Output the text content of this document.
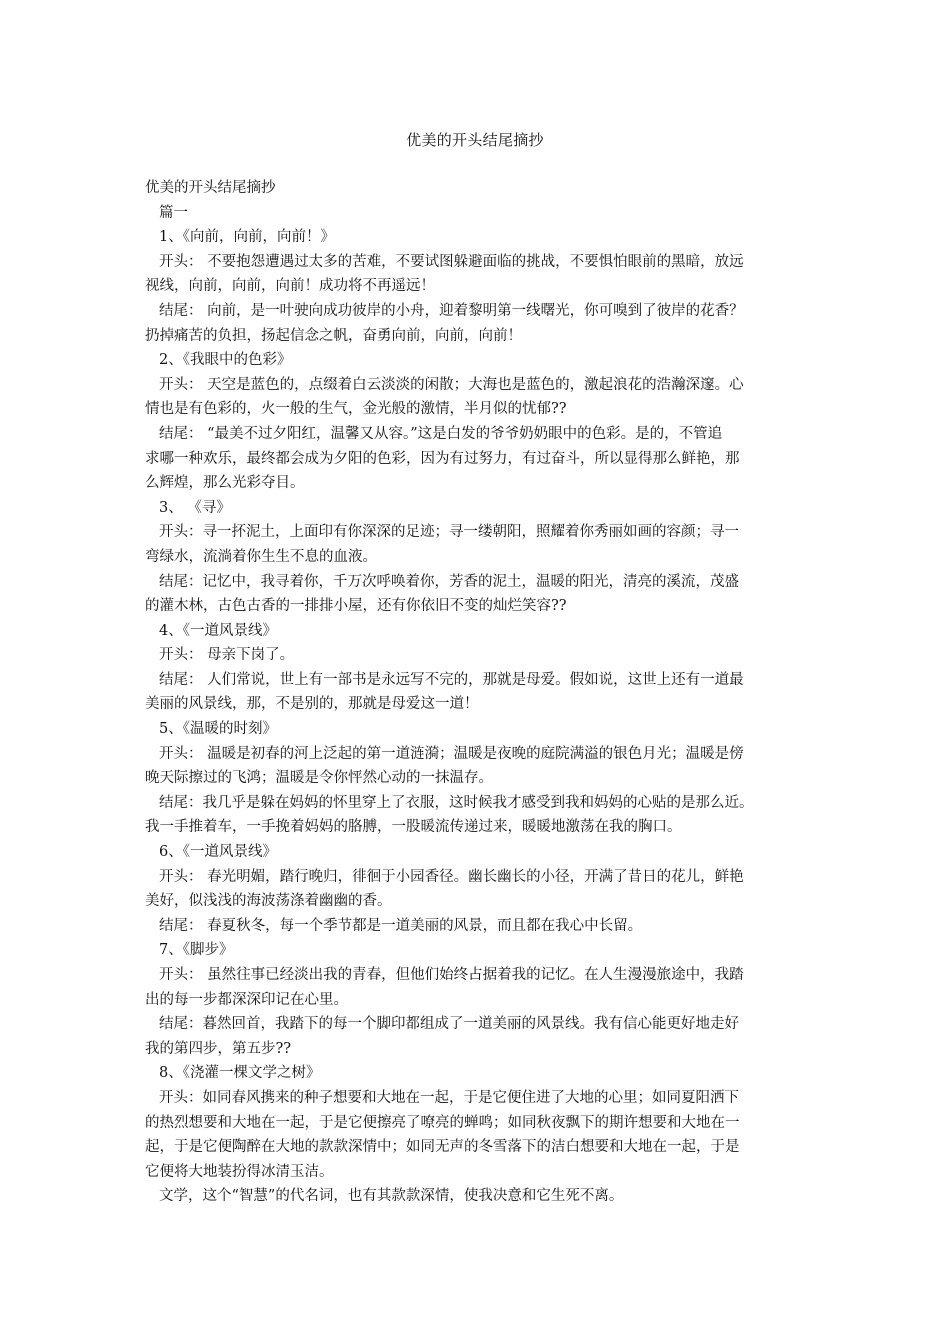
优美的开头结尾摘抄
优美的开头结尾摘抄
篇一
1、《向前，向前，向前！》
开头： 不要抱怨遭遇过太多的苦难，不要试图躲避面临的挑战，不要惧怕眼前的黑暗，放远
视线，向前，向前，向前！成功将不再遥远！
结尾： 向前，是一叶驶向成功彼岸的小舟，迎着黎明第一线曙光，你可嗅到了彼岸的花香？
扔掉痛苦的负担，扬起信念之帆，奋勇向前，向前，向前！
2、《我眼中的色彩》
开头： 天空是蓝色的，点缀着白云淡淡的闲散；大海也是蓝色的，激起浪花的浩瀚深邃。心
情也是有色彩的，火一般的生气，金光般的激情，半月似的忧郁??
结尾： “最美不过夕阳红，温馨又从容。”这是白发的爷爷奶奶眼中的色彩。是的，不管追
求哪一种欢乐，最终都会成为夕阳的色彩，因为有过努力，有过奋斗，所以显得那么鲜艳，那
么辉煌，那么光彩夺目。
3、 《寻》
开头：寻一抔泥土，上面印有你深深的足迹；寻一缕朝阳，照耀着你秀丽如画的容颜；寻一
弯绿水，流淌着你生生不息的血液。
结尾：记忆中，我寻着你，千万次呼唤着你，芳香的泥土，温暖的阳光，清亮的溪流，茂盛
的灌木林，古色古香的一排排小屋，还有你依旧不变的灿烂笑容??
4、《一道风景线》
开头： 母亲下岗了。
结尾： 人们常说，世上有一部书是永远写不完的，那就是母爱。假如说，这世上还有一道最
美丽的风景线，那，不是别的，那就是母爱这一道！
5、《温暖的时刻》
开头： 温暖是初春的河上泛起的第一道涟漪；温暖是夜晚的庭院满溢的银色月光；温暖是傍
晚天际擦过的飞鸿；温暖是令你怦然心动的一抹温存。
结尾：我几乎是躲在妈妈的怀里穿上了衣服，这时候我才感受到我和妈妈的心贴的是那么近。
我一手推着车，一手挽着妈妈的胳膊，一股暖流传递过来，暖暖地激荡在我的胸口。
6、《一道风景线》
开头： 春光明媚，踏行晚归，徘徊于小园香径。幽长幽长的小径，开满了昔日的花儿，鲜艳
美好，似浅浅的海波荡涤着幽幽的香。
结尾： 春夏秋冬，每一个季节都是一道美丽的风景，而且都在我心中长留。
7、《脚步》
开头： 虽然往事已经淡出我的青春，但他们始终占据着我的记忆。在人生漫漫旅途中，我踏
出的每一步都深深印记在心里。
结尾：暮然回首，我踏下的每一个脚印都组成了一道美丽的风景线。我有信心能更好地走好
我的第四步，第五步??
8、《浇灌一棵文学之树》
开头：如同春风携来的种子想要和大地在一起，于是它便住进了大地的心里；如同夏阳洒下
的热烈想要和大地在一起，于是它便擦亮了嘹亮的蝉鸣；如同秋夜飘下的期许想要和大地在一
起，于是它便陶醉在大地的款款深情中；如同无声的冬雪落下的洁白想要和大地在一起，于是
它便将大地装扮得冰清玉洁。
文学，这个“智慧”的代名词，也有其款款深情，使我决意和它生死不离。
